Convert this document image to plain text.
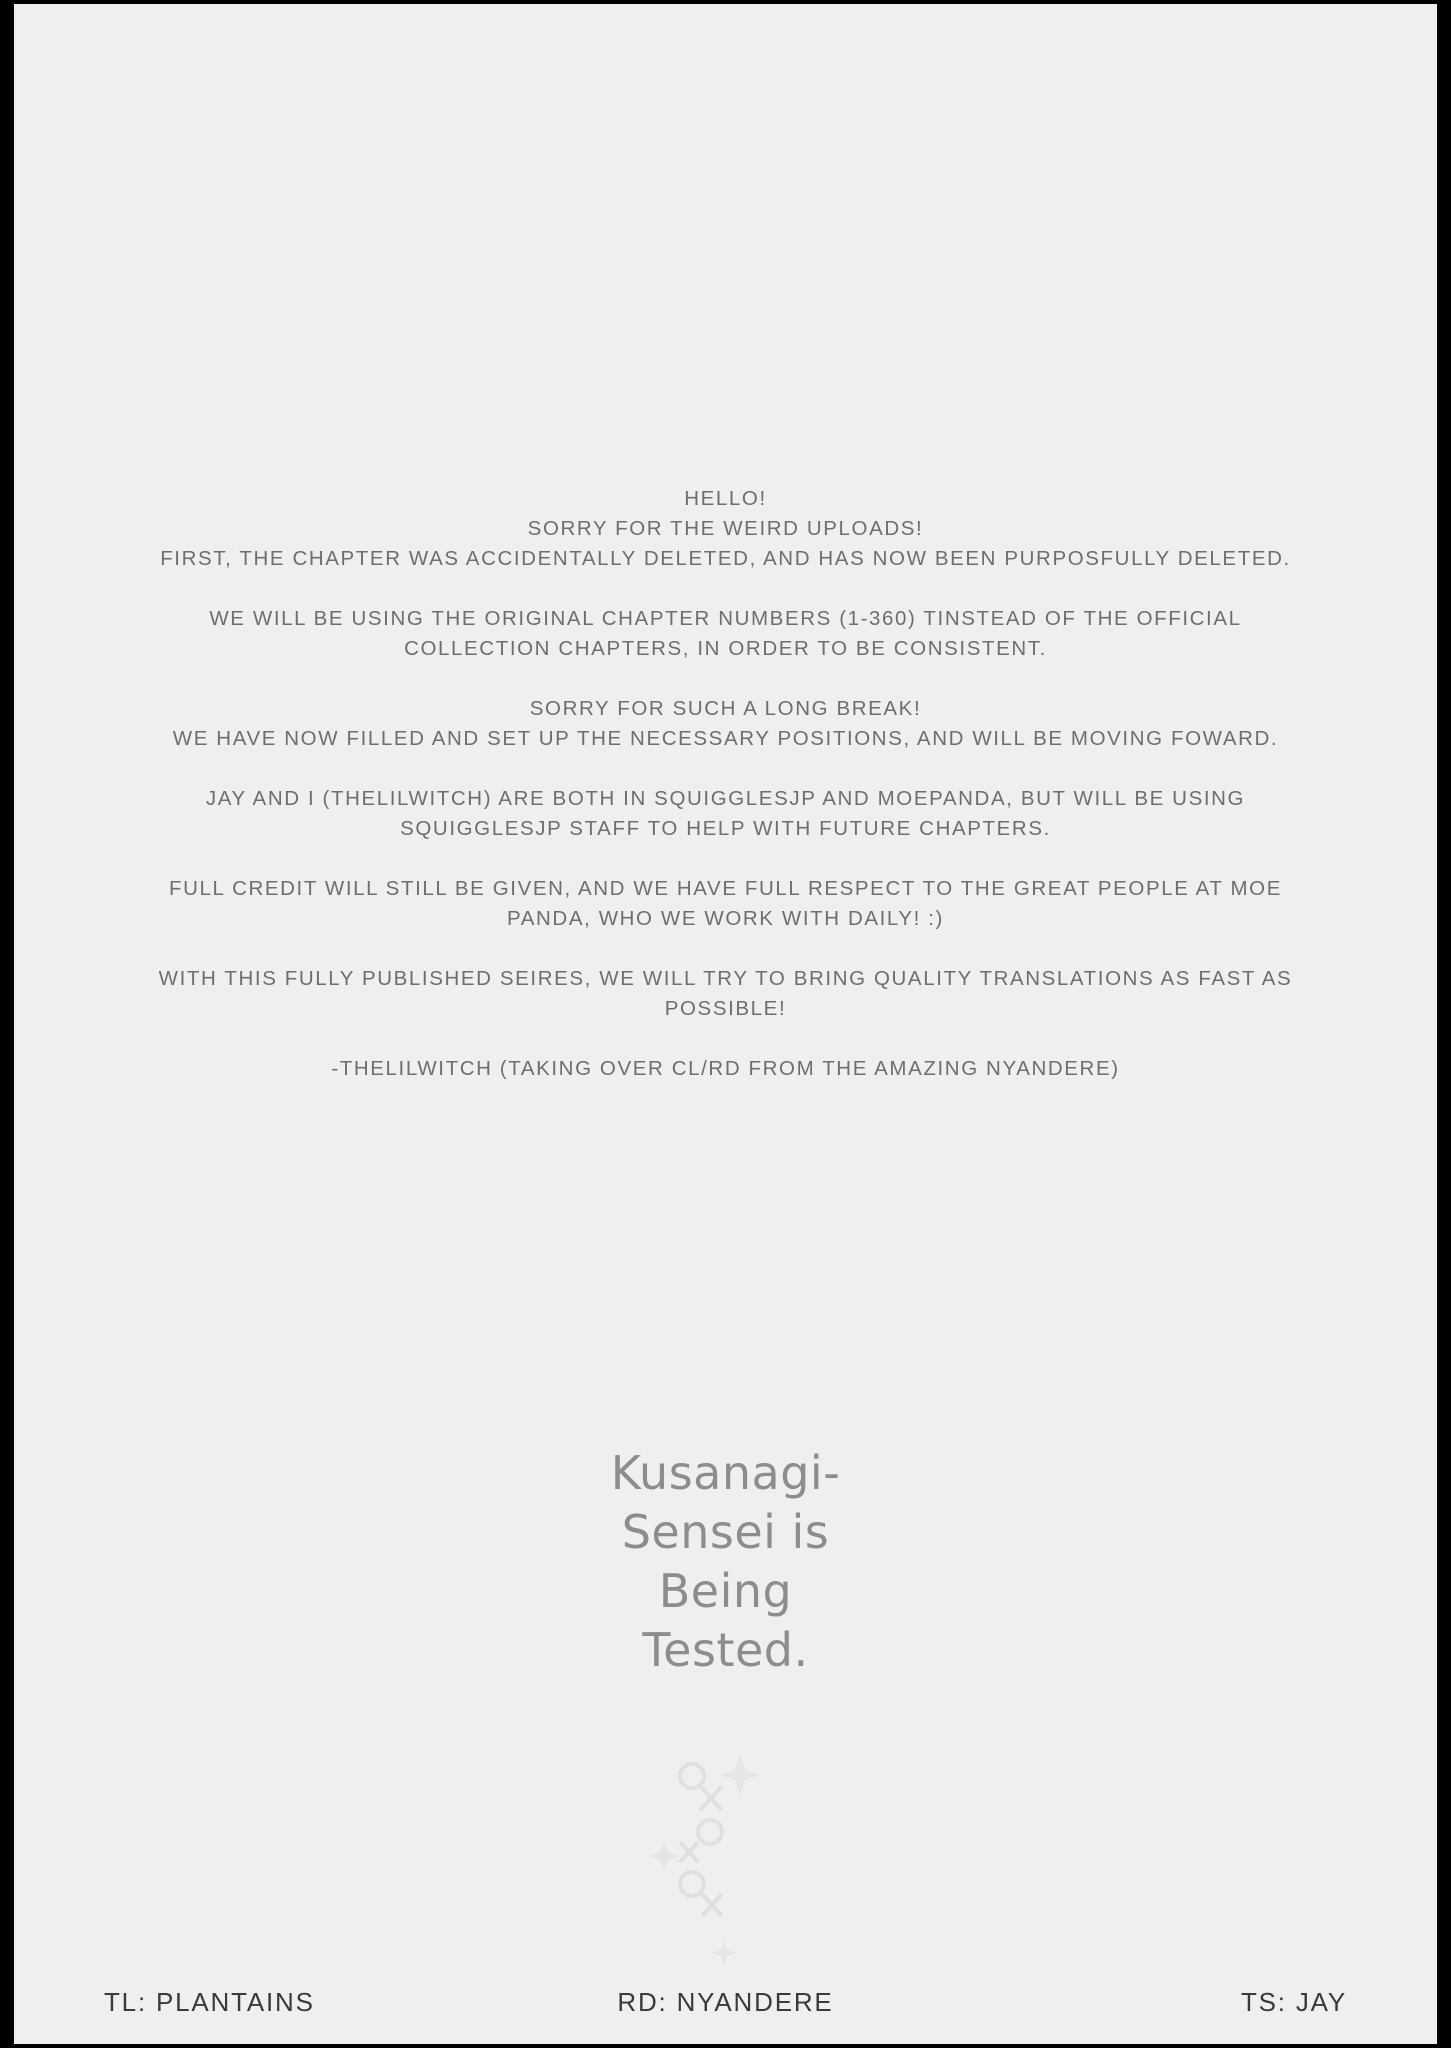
HELLO!

SORRY FOR THE WEIRD UPLOADS!

FIRST, THE CHAPTER WAS ACCIDENTALLY DELETED, AND HAS NOW BEEN PURPOSFULLY DELETED.

WE WILL BE USING THE ORIGINAL CHAPTER NUMBERS (1-360) TINSTEAD OF THE OFFICIAL COLLECTION CHAPTERS, IN ORDER TO BE CONSISTENT.

SORRY FOR SUCH A LONG BREAK!

WE HAVE NOW FILLED AND SET UP THE NECESSARY POSITIONS, AND WILL BE MOVING FOWARD.

JAY AND I (THELILWITCH) ARE BOTH IN SQUIGGLESJP AND MOEPANDA, BUT WILL BE USING SQUIGGLESJP STAFF TO HELP WITH FUTURE CHAPTERS.

FULL CREDIT WILL STILL BE GIVEN, AND WE HAVE FULL RESPECT TO THE GREAT PEOPLE AT MOE PANDA, WHO WE WORK WITH DAILY! :)

WITH THIS FULLY PUBLISHED SEIRES, WE WILL TRY TO BRING QUALITY TRANSLATIONS AS FAST AS POSSIBLE!

-THELILWITCH (TAKING OVER CL/RD FROM THE AMAZING NYANDERE)

Kusanagi-
Sensei is
Being
Tested.
TL: PLANTAINS	RD: NYANDERE	TS: JAY
